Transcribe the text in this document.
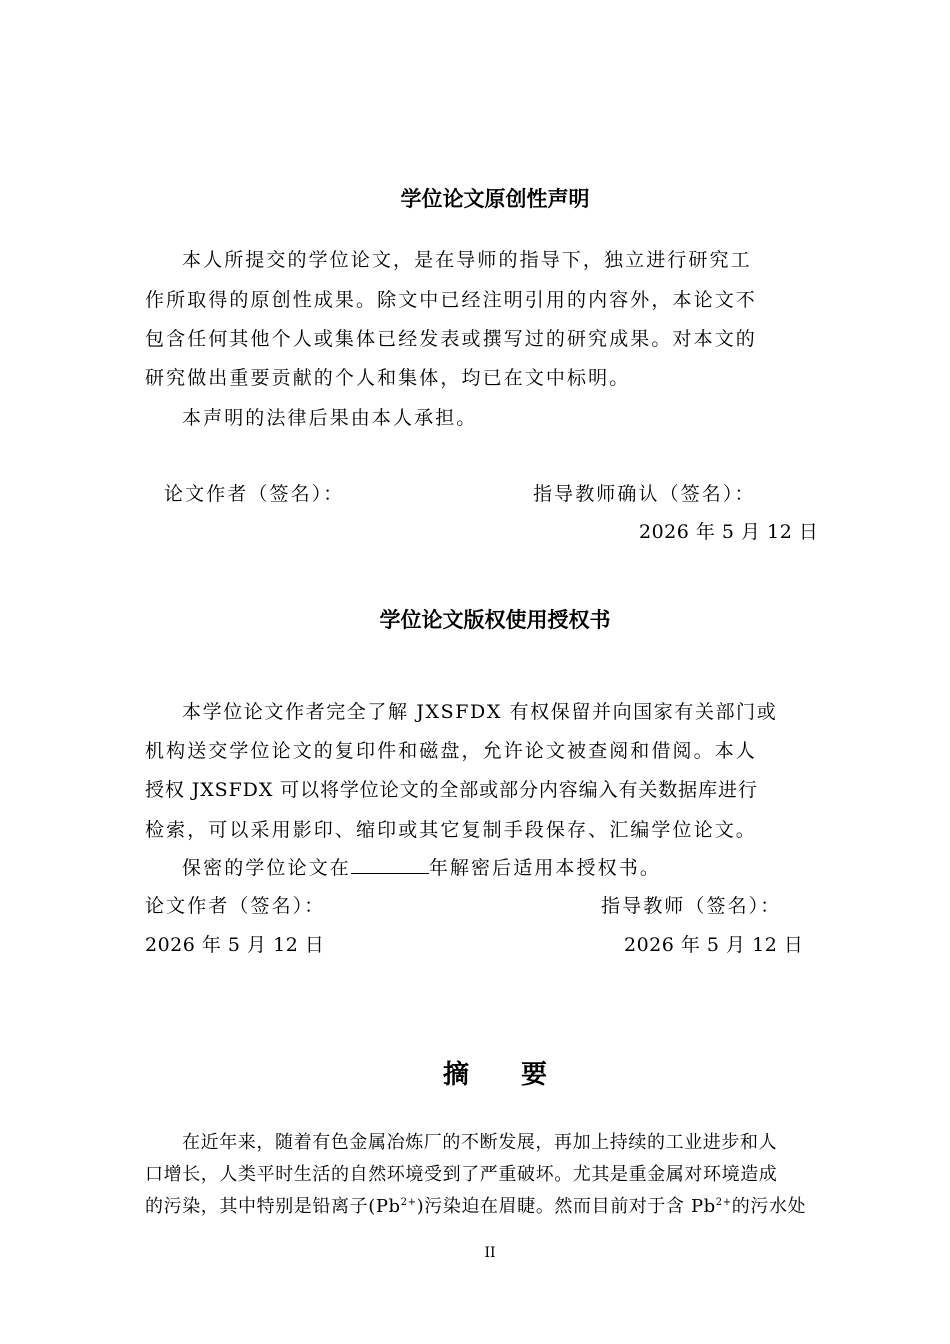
学位论文原创性声明
本人所提交的学位论文，是在导师的指导下，独立进行研究工
作所取得的原创性成果。除文中已经注明引用的内容外，本论文不
包含任何其他个人或集体已经发表或撰写过的研究成果。对本文的
研究做出重要贡献的个人和集体，均已在文中标明。
本声明的法律后果由本人承担。
论文作者（签名）：	指导教师确认（签名）：
2026 年 5 月 12 日
学位论文版权使用授权书
本学位论文作者完全了解 JXSFDX 有权保留并向国家有关部门或
机构送交学位论文的复印件和磁盘，允许论文被查阅和借阅。本人
授权 JXSFDX 可以将学位论文的全部或部分内容编入有关数据库进行
检索，可以采用影印、缩印或其它复制手段保存、汇编学位论文。
保密的学位论文在	年解密后适用本授权书。
论文作者（签名）：	指导教师（签名）：
2026 年 5 月 12 日	2026 年 5 月 12 日
摘　　要
在近年来，随着有色金属冶炼厂的不断发展，再加上持续的工业进步和人
口增长，人类平时生活的自然环境受到了严重破坏。尤其是重金属对环境造成
的污染，其中特别是铅离子$(Pb^{2+})$污染迫在眉睫。然而目前对于含 $Pb^{2+}$的污水处
II
